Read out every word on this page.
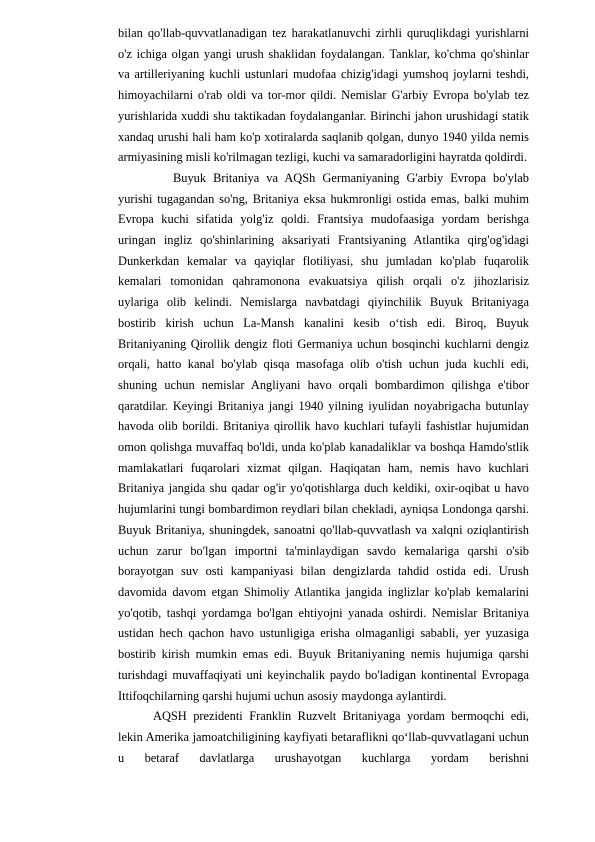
bilan qo'llab-quvvatlanadigan tez harakatlanuvchi zirhli quruqlikdagi yurishlarni o'z ichiga olgan yangi urush shaklidan foydalangan. Tanklar, ko'chma qo'shinlar va artilleriyaning kuchli ustunlari mudofaa chizig'idagi yumshoq joylarni teshdi, himoyachilarni o'rab oldi va tor-mor qildi. Nemislar G'arbiy Evropa bo'ylab tez yurishlarida xuddi shu taktikadan foydalanganlar. Birinchi jahon urushidagi statik xandaq urushi hali ham ko'p xotiralarda saqlanib qolgan, dunyo 1940 yilda nemis armiyasining misli ko'rilmagan tezligi, kuchi va samaradorligini hayratda qoldirdi.

Buyuk Britaniya va AQSh Germaniyaning G'arbiy Evropa bo'ylab yurishi tugagandan so'ng, Britaniya eksa hukmronligi ostida emas, balki muhim Evropa kuchi sifatida yolg'iz qoldi. Frantsiya mudofaasiga yordam berishga uringan ingliz qo'shinlarining aksariyati Frantsiyaning Atlantika qirg'og'idagi Dunkerkdan kemalar va qayiqlar flotiliyasi, shu jumladan ko'plab fuqarolik kemalari tomonidan qahramonona evakuatsiya qilish orqali o'z jihozlarisiz uylariga olib kelindi. Nemislarga navbatdagi qiyinchilik Buyuk Britaniyaga bostirib kirish uchun La-Mansh kanalini kesib o‘tish edi. Biroq, Buyuk Britaniyaning Qirollik dengiz floti Germaniya uchun bosqinchi kuchlarni dengiz orqali, hatto kanal bo'ylab qisqa masofaga olib o'tish uchun juda kuchli edi, shuning uchun nemislar Angliyani havo orqali bombardimon qilishga e'tibor qaratdilar. Keyingi Britaniya jangi 1940 yilning iyulidan noyabrigacha butunlay havoda olib borildi. Britaniya qirollik havo kuchlari tufayli fashistlar hujumidan omon qolishga muvaffaq bo'ldi, unda ko'plab kanadaliklar va boshqa Hamdo'stlik mamlakatlari fuqarolari xizmat qilgan. Haqiqatan ham, nemis havo kuchlari Britaniya jangida shu qadar og'ir yo'qotishlarga duch keldiki, oxir-oqibat u havo hujumlarini tungi bombardimon reydlari bilan chekladi, ayniqsa Londonga qarshi. Buyuk Britaniya, shuningdek, sanoatni qo'llab-quvvatlash va xalqni oziqlantirish uchun zarur bo'lgan importni ta'minlaydigan savdo kemalariga qarshi o'sib borayotgan suv osti kampaniyasi bilan dengizlarda tahdid ostida edi. Urush davomida davom etgan Shimoliy Atlantika jangida inglizlar ko'plab kemalarini yo'qotib, tashqi yordamga bo'lgan ehtiyojni yanada oshirdi. Nemislar Britaniya ustidan hech qachon havo ustunligiga erisha olmaganligi sababli, yer yuzasiga bostirib kirish mumkin emas edi. Buyuk Britaniyaning nemis hujumiga qarshi turishdagi muvaffaqiyati uni keyinchalik paydo bo'ladigan kontinental Evropaga Ittifoqchilarning qarshi hujumi uchun asosiy maydonga aylantirdi.

AQSH prezidenti Franklin Ruzvelt Britaniyaga yordam bermoqchi edi, lekin Amerika jamoatchiligining kayfiyati betaraflikni qo‘llab-quvvatlagani uchun u betaraf davlatlarga urushayotgan kuchlarga yordam berishni
